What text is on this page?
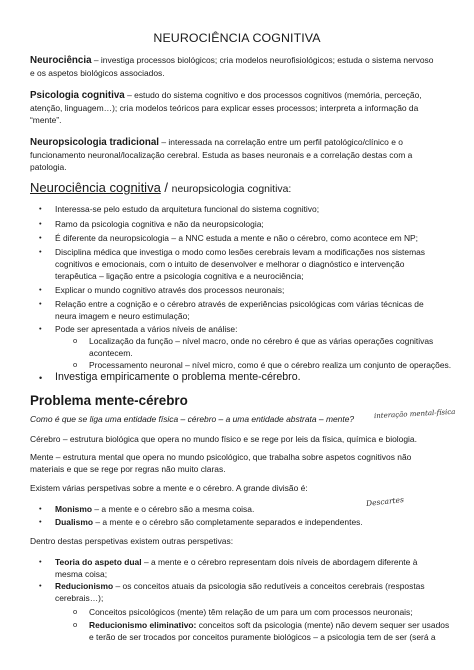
NEUROCIÊNCIA COGNITIVA
Neurociência – investiga processos biológicos; cria modelos neurofisiológicos; estuda o sistema nervoso
e os aspetos biológicos associados.
Psicologia cognitiva – estudo do sistema cognitivo e dos processos cognitivos (memória, perceção,
atenção, linguagem…); cria modelos teóricos para explicar esses processos; interpreta a informação da
“mente”.
Neuropsicologia tradicional – interessada na correlação entre um perfil patológico/clínico e o
funcionamento neuronal/localização cerebral. Estuda as bases neuronais e a correlação destas com a
patologia.
Neurociência cognitiva / neuropsicologia cognitiva:
• Interessa-se pelo estudo da arquitetura funcional do sistema cognitivo;
• Ramo da psicologia cognitiva e não da neuropsicologia;
• É diferente da neuropsicologia – a NNC estuda a mente e não o cérebro, como acontece em NP;
• Disciplina médica que investiga o modo como lesões cerebrais levam a modificações nos sistemas
cognitivos e emocionais, com o intuito de desenvolver e melhorar o diagnóstico e intervenção
terapêutica – ligação entre a psicologia cognitiva e a neurociência;
• Explicar o mundo cognitivo através dos processos neuronais;
• Relação entre a cognição e o cérebro através de experiências psicológicas com várias técnicas de
neura imagem e neuro estimulação;
• Pode ser apresentada a vários níveis de análise:
o Localização da função – nível macro, onde no cérebro é que as várias operações cognitivas
acontecem.
o Processamento neuronal – nível micro, como é que o cérebro realiza um conjunto de operações.
• Investiga empiricamente o problema mente-cérebro.
Problema mente-cérebro
Como é que se liga uma entidade física – cérebro – a uma entidade abstrata – mente?	interação mental-física
Cérebro – estrutura biológica que opera no mundo físico e se rege por leis da física, química e biologia.
Mente – estrutura mental que opera no mundo psicológico, que trabalha sobre aspetos cognitivos não
materiais e que se rege por regras não muito claras.
Existem várias perspetivas sobre a mente e o cérebro. A grande divisão é:
• Monismo – a mente e o cérebro são a mesma coisa.
Descartes
• Dualismo – a mente e o cérebro são completamente separados e independentes.
Dentro destas perspetivas existem outras perspetivas:
• Teoria do aspeto dual – a mente e o cérebro representam dois níveis de abordagem diferente à
mesma coisa;
• Reducionismo – os conceitos atuais da psicologia são redutíveis a conceitos cerebrais (respostas
cerebrais…);
o Conceitos psicológicos (mente) têm relação de um para um com processos neuronais;
o Reducionismo eliminativo: conceitos soft da psicologia (mente) não devem sequer ser usados
e terão de ser trocados por conceitos puramente biológicos – a psicologia tem de ser (será a
